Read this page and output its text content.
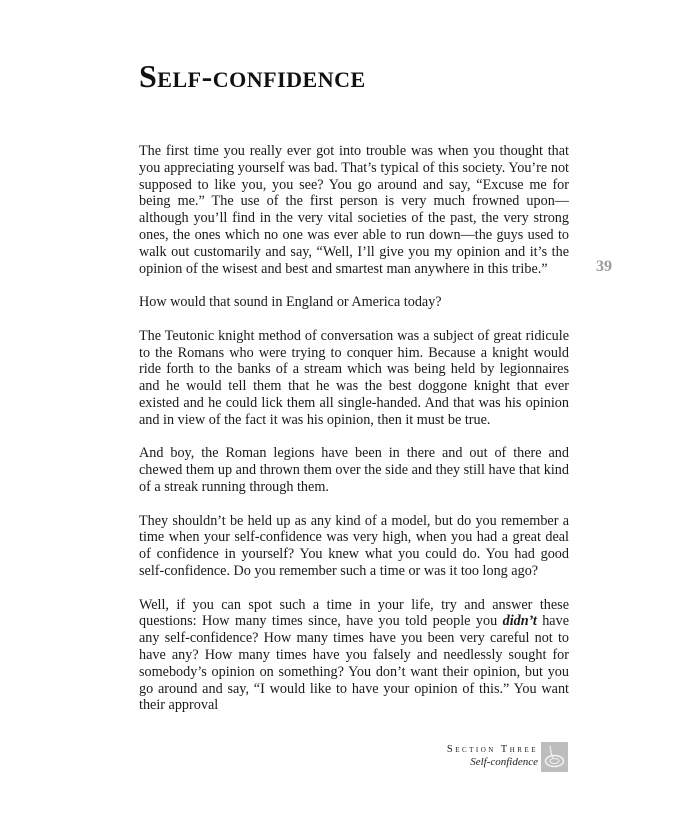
Self-confidence

The first time you really ever got into trouble was when you thought that you appreciating yourself was bad. That’s typical of this society. You’re not supposed to like you, you see? You go around and say, “Excuse me for being me.” The use of the first person is very much frowned upon—although you’ll find in the very vital societies of the past, the very strong ones, the ones which no one was ever able to run down—the guys used to walk out customarily and say, “Well, I’ll give you my opinion and it’s the opinion of the wisest and best and smartest man anywhere in this tribe.”

How would that sound in England or America today?

The Teutonic knight method of conversation was a subject of great ridicule to the Romans who were trying to conquer him. Because a knight would ride forth to the banks of a stream which was being held by legionnaires and he would tell them that he was the best doggone knight that ever existed and he could lick them all single-handed. And that was his opinion and in view of the fact it was his opinion, then it must be true.

And boy, the Roman legions have been in there and out of there and chewed them up and thrown them over the side and they still have that kind of a streak running through them.

They shouldn’t be held up as any kind of a model, but do you remember a time when your self-confidence was very high, when you had a great deal of confidence in yourself? You knew what you could do. You had good self-confidence. Do you remember such a time or was it too long ago?

Well, if you can spot such a time in your life, try and answer these questions: How many times since, have you told people you didn’t have any self-confidence? How many times have you been very careful not to have any? How many times have you falsely and needlessly sought for somebody’s opinion on something? You don’t want their opinion, but you go around and say, “I would like to have your opinion of this.” You want their approval

39
Section Three
Self-confidence
